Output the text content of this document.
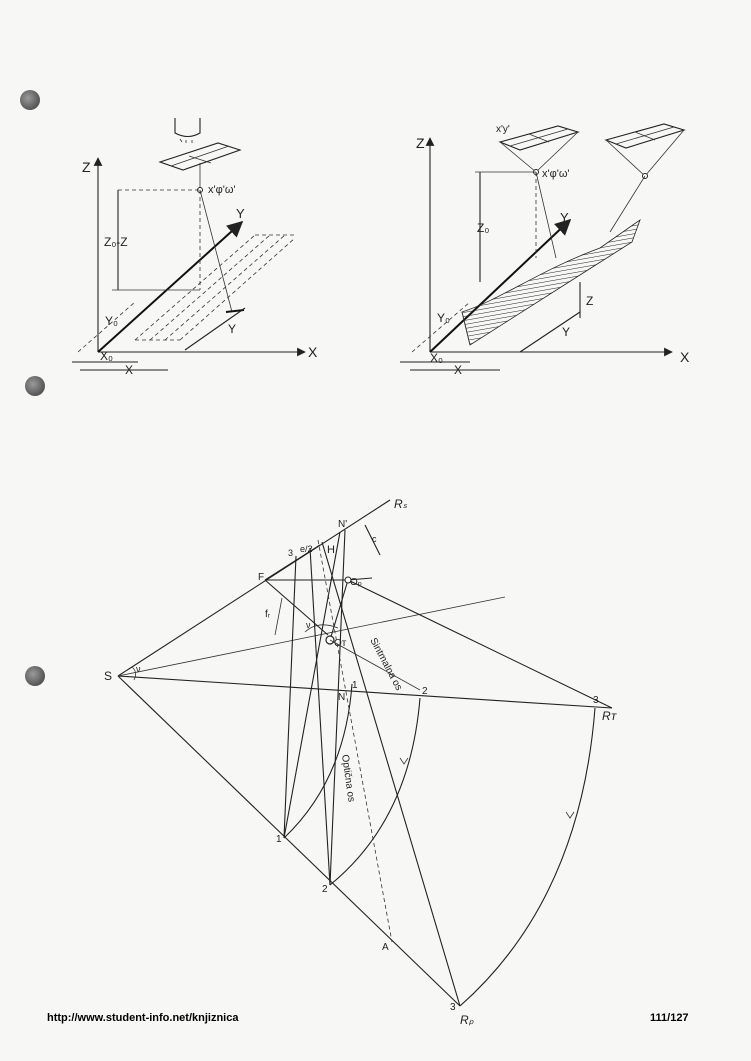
Z
X
Y
x'φ'ω'
Z₀-Z
Y
Y₀
X₀
X
Z
X
Y
x'y'
x'φ'ω'
Z₀
Z
Y₀
X₀
X
Y
S
Rₛ
Rᴛ
Rₚ
ν
F
fᵣ
Oₚ
Oᴛ
ν
3 e/2 H
N'
c
N
1
2
3
1
2
3
A
Sintmalna os
Optična os
http://www.student-info.net/knjiznica	111/127
